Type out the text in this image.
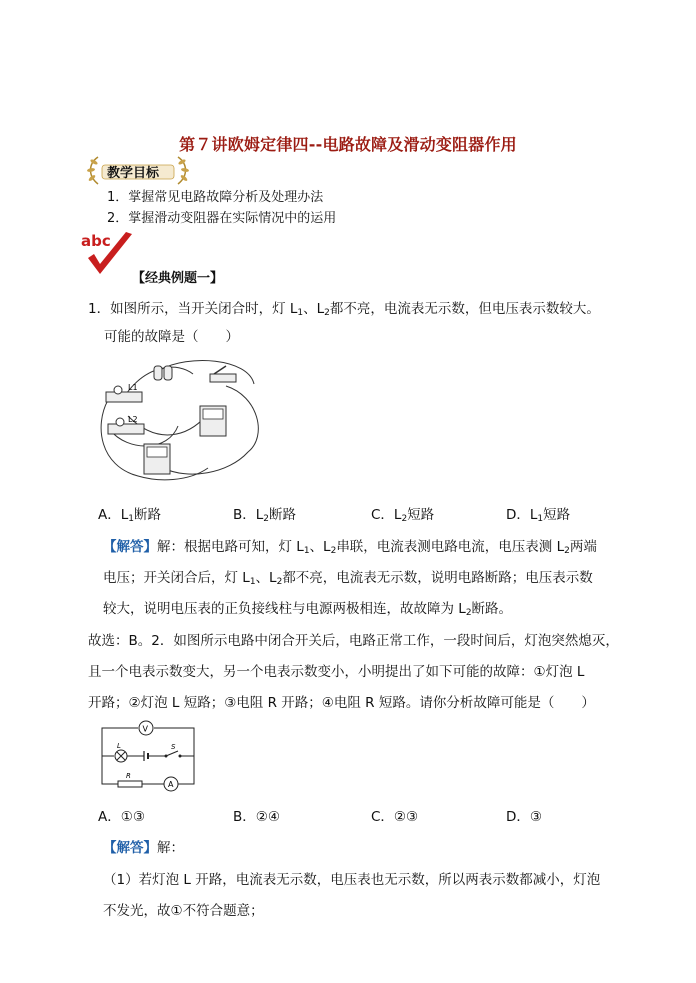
第７讲欧姆定律四--电路故障及滑动变阻器作用
教学目标
1．掌握常见电路故障分析及处理办法
2．掌握滑动变阻器在实际情况中的运用
abc
【经典例题一】
1．如图所示，当开关闭合时，灯 $L_1$、$L_2$都不亮，电流表无示数，但电压表示数较大。
可能的故障是（　　）
L1
L2
A．$L_1$断路	B．$L_2$断路	C．$L_2$短路	D．$L_1$短路
【解答】解：根据电路可知，灯 $L_1$、$L_2$串联，电流表测电路电流，电压表测 $L_2$两端
电压；开关闭合后，灯 $L_1$、$L_2$都不亮，电流表无示数，说明电路断路；电压表示数
较大，说明电压表的正负接线柱与电源两极相连，故故障为 $L_2$断路。
故选：B。2．如图所示电路中闭合开关后，电路正常工作，一段时间后，灯泡突然熄灭，
且一个电表示数变大，另一个电表示数变小，小明提出了如下可能的故障：①灯泡 L
开路；②灯泡 L 短路；③电阻 R 开路；④电阻 R 短路。请你分析故障可能是（　　）
V
L	S
R
A
A．①③	B．②④	C．②③	D．③
【解答】解：
（1）若灯泡 L 开路，电流表无示数，电压表也无示数，所以两表示数都减小，灯泡
不发光，故①不符合题意；
